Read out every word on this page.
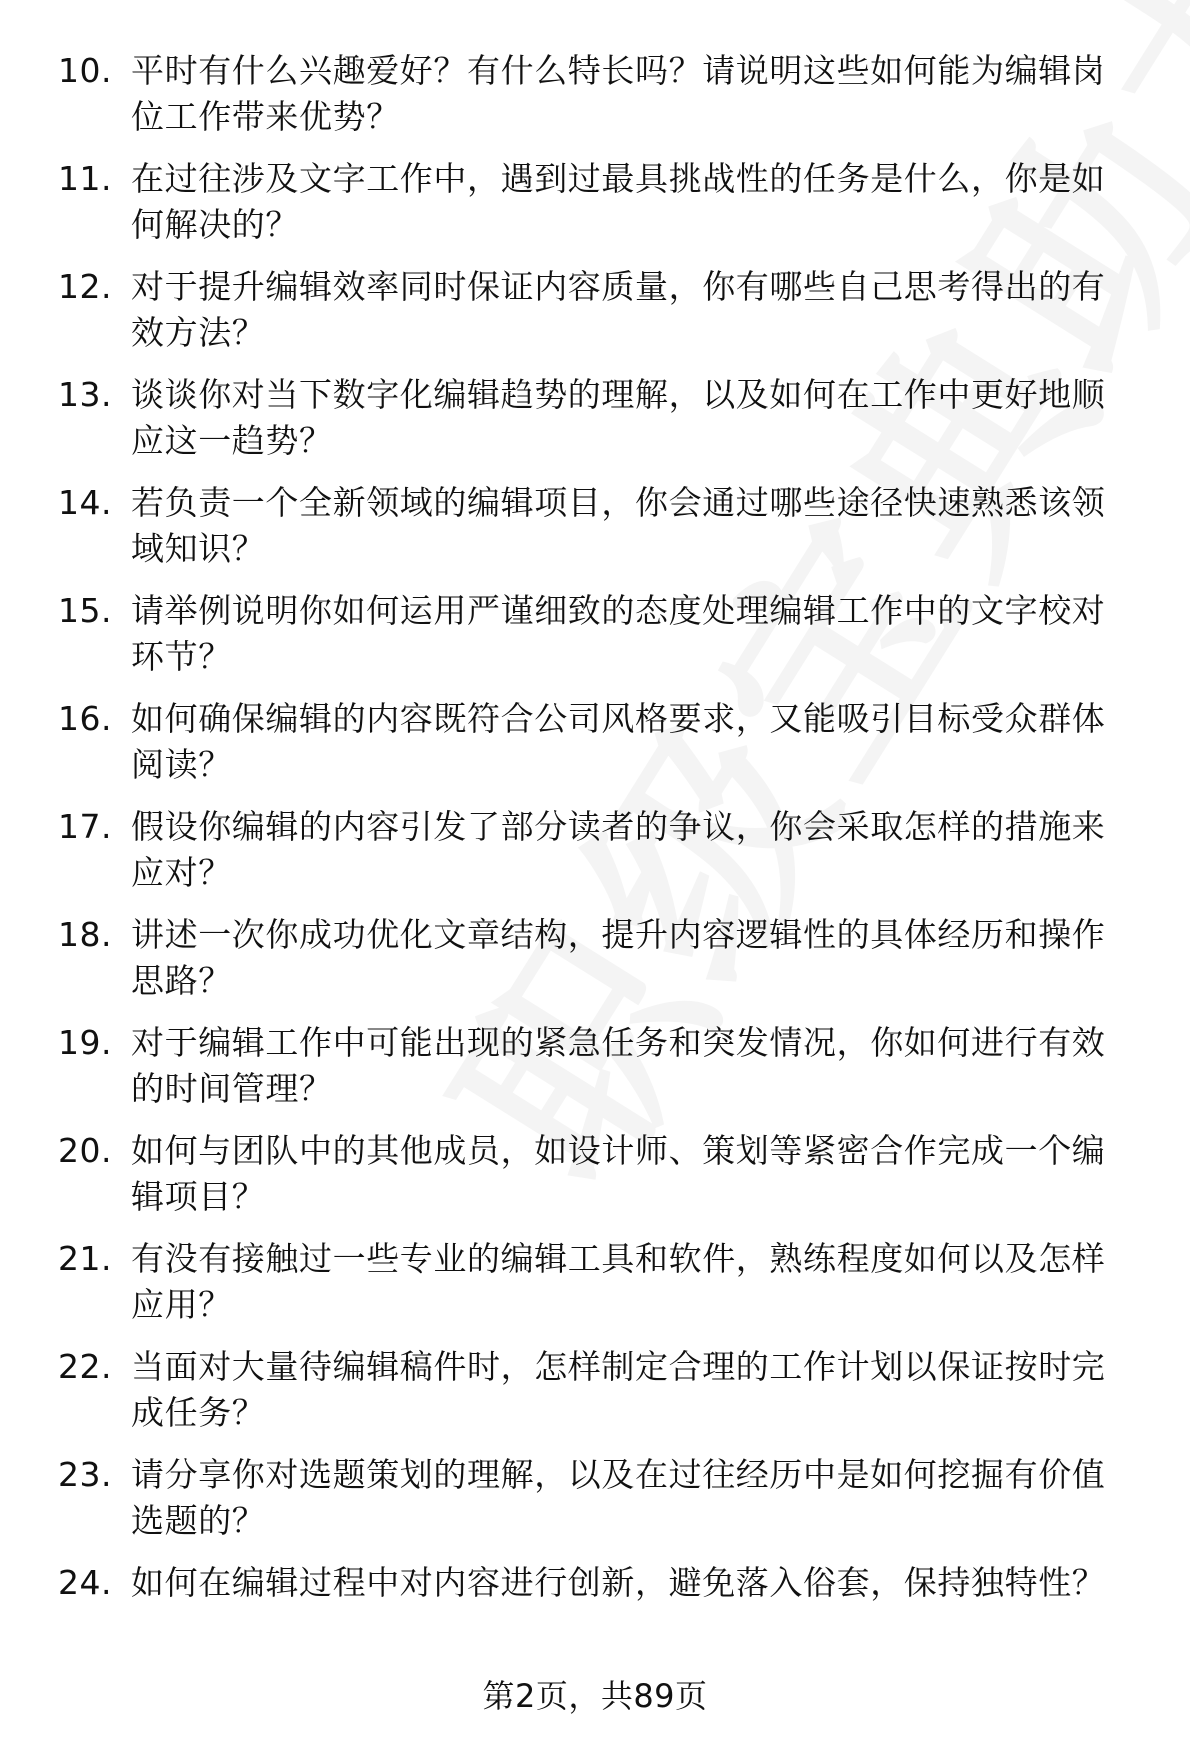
10. 平时有什么兴趣爱好？有什么特长吗？请说明这些如何能为编辑岗位工作带来优势？
11. 在过往涉及文字工作中，遇到过最具挑战性的任务是什么，你是如何解决的？
12. 对于提升编辑效率同时保证内容质量，你有哪些自己思考得出的有效方法？
13. 谈谈你对当下数字化编辑趋势的理解，以及如何在工作中更好地顺应这一趋势？
14. 若负责一个全新领域的编辑项目，你会通过哪些途径快速熟悉该领域知识？
15. 请举例说明你如何运用严谨细致的态度处理编辑工作中的文字校对环节？
16. 如何确保编辑的内容既符合公司风格要求，又能吸引目标受众群体阅读？
17. 假设你编辑的内容引发了部分读者的争议，你会采取怎样的措施来应对？
18. 讲述一次你成功优化文章结构，提升内容逻辑性的具体经历和操作思路？
19. 对于编辑工作中可能出现的紧急任务和突发情况，你如何进行有效的时间管理？
20. 如何与团队中的其他成员，如设计师、策划等紧密合作完成一个编辑项目？
21. 有没有接触过一些专业的编辑工具和软件，熟练程度如何以及怎样应用？
22. 当面对大量待编辑稿件时，怎样制定合理的工作计划以保证按时完成任务？
23. 请分享你对选题策划的理解，以及在过往经历中是如何挖掘有价值选题的？
24. 如何在编辑过程中对内容进行创新，避免落入俗套，保持独特性？
第2页，共89页
